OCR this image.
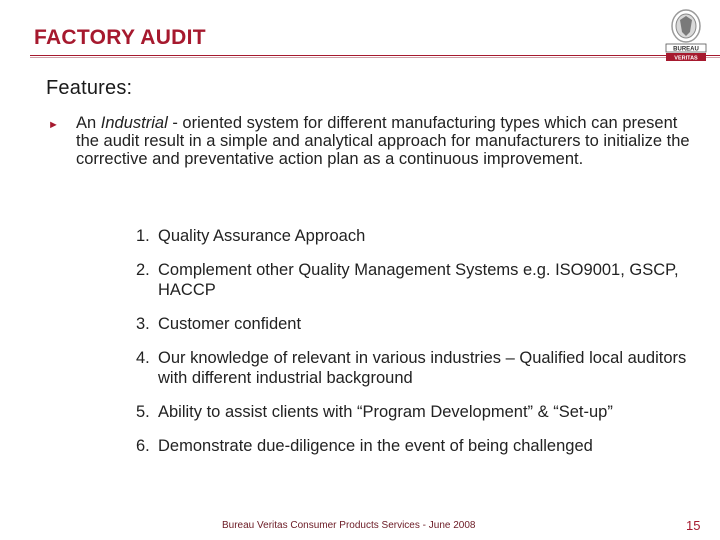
FACTORY AUDIT
BUREAU
VERITAS
Features:
► An Industrial - oriented system for different manufacturing types which can present the audit result in a simple and analytical approach for manufacturers to initialize the corrective and preventative action plan as a continuous improvement.
1. Quality Assurance Approach
2. Complement other Quality Management Systems e.g. ISO9001, GSCP, HACCP
3. Customer confident
4. Our knowledge of relevant in various industries – Qualified local auditors with different industrial background
5. Ability to assist clients with “Program Development” & “Set-up”
6. Demonstrate due-diligence in the event of being challenged
Bureau Veritas Consumer Products Services - June 2008	15
